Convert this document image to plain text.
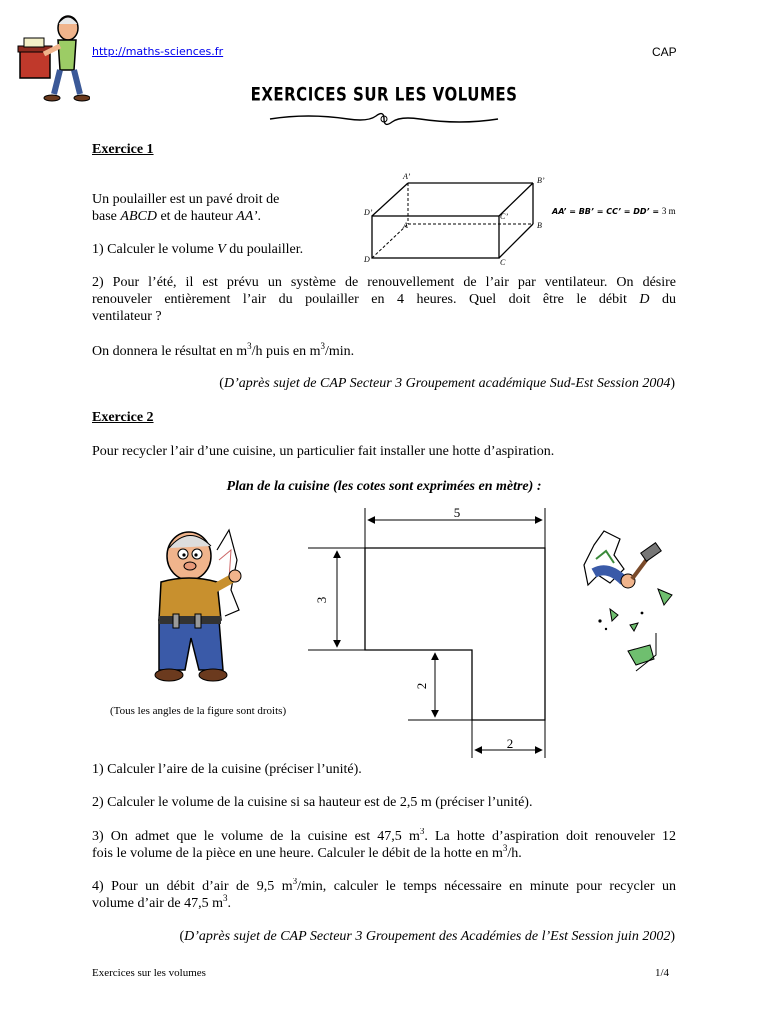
http://maths-sciences.fr	CAP
EXERCICES SUR LES VOLUMES
Exercice 1
Un poulailler est un pavé droit de
base ABCD et de hauteur AA’.
1) Calculer le volume V du poulailler.
A’	B’
C’
D’
A	B
C
D
AA’ = BB’ = CC’ = DD’ = 3 m
2) Pour l’été, il est prévu un système de renouvellement de l’air par ventilateur. On désire
renouveler entièrement l’air du poulailler en 4 heures. Quel doit être le débit D du
ventilateur ?
On donnera le résultat en $m^3/h$ puis en $m^3/\min$.
(D’après sujet de CAP Secteur 3 Groupement académique Sud-Est Session 2004)
Exercice 2
Pour recycler l’air d’une cuisine, un particulier fait installer une hotte d’aspiration.
Plan de la cuisine (les cotes sont exprimées en mètre) :
(Tous les angles de la figure sont droits)
5
3
2
2
1) Calculer l’aire de la cuisine (préciser l’unité).
2) Calculer le volume de la cuisine si sa hauteur est de 2,5 m (préciser l’unité).
3) On admet que le volume de la cuisine est 47,5 $m^3$. La hotte d’aspiration doit renouveler 12
fois le volume de la pièce en une heure. Calculer le débit de la hotte en $m^3/h$.
4) Pour un débit d’air de 9,5 $m^3/\min$, calculer le temps nécessaire en minute pour recycler un
volume d’air de 47,5 $m^3$.
(D’après sujet de CAP Secteur 3 Groupement des Académies de l’Est Session juin 2002)
Exercices sur les volumes	1/4
